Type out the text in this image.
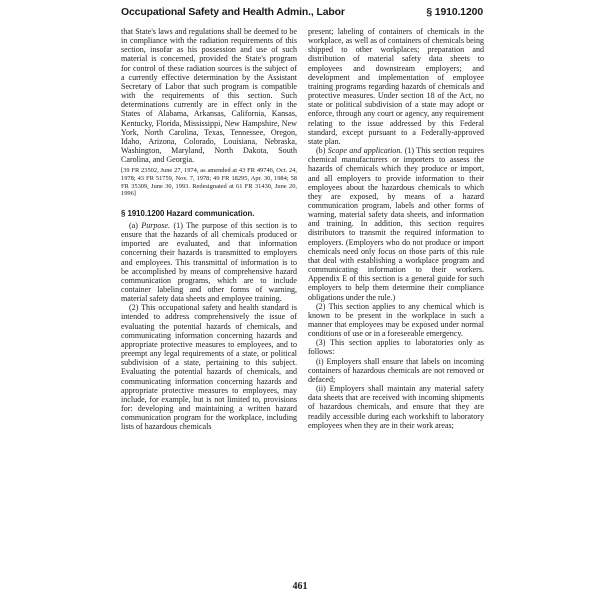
Occupational Safety and Health Admin., Labor	§ 1910.1200

that State's laws and regulations shall be deemed to be in compliance with the radiation requirements of this section, insofar as his possession and use of such material is concerned, provided the State's program for control of these radiation sources is the subject of a currently effective determination by the Assistant Secretary of Labor that such program is compatible with the requirements of this section. Such determinations currently are in effect only in the States of Alabama, Arkansas, California, Kansas, Kentucky, Florida, Mississippi, New Hampshire, New York, North Carolina, Texas, Tennessee, Oregon, Idaho, Arizona, Colorado, Louisiana, Nebraska, Washington, Maryland, North Dakota, South Carolina, and Georgia.

[39 FR 23502, June 27, 1974, as amended at 43 FR 49746, Oct. 24, 1978; 43 FR 51759, Nov. 7, 1978; 49 FR 18295, Apr. 30, 1984; 58 FR 35309, June 30, 1993. Redesignated at 61 FR 31430, June 20, 1996]

§ 1910.1200 Hazard communication.

(a) Purpose. (1) The purpose of this section is to ensure that the hazards of all chemicals produced or imported are evaluated, and that information concerning their hazards is transmitted to employers and employees. This transmittal of information is to be accomplished by means of comprehensive hazard communication programs, which are to include container labeling and other forms of warning, material safety data sheets and employee training.

(2) This occupational safety and health standard is intended to address comprehensively the issue of evaluating the potential hazards of chemicals, and communicating information concerning hazards and appropriate protective measures to employees, and to preempt any legal requirements of a state, or political subdivision of a state, pertaining to this subject. Evaluating the potential hazards of chemicals, and communicating information concerning hazards and appropriate protective measures to employees, may include, for example, but is not limited to, provisions for: developing and maintaining a written hazard communication program for the workplace, including lists of hazardous chemicals

present; labeling of containers of chemicals in the workplace, as well as of containers of chemicals being shipped to other workplaces; preparation and distribution of material safety data sheets to employees and downstream employers; and development and implementation of employee training programs regarding hazards of chemicals and protective measures. Under section 18 of the Act, no state or political subdivision of a state may adopt or enforce, through any court or agency, any requirement relating to the issue addressed by this Federal standard, except pursuant to a Federally-approved state plan.

(b) Scope and application. (1) This section requires chemical manufacturers or importers to assess the hazards of chemicals which they produce or import, and all employers to provide information to their employees about the hazardous chemicals to which they are exposed, by means of a hazard communication program, labels and other forms of warning, material safety data sheets, and information and training. In addition, this section requires distributors to transmit the required information to employers. (Employers who do not produce or import chemicals need only focus on those parts of this rule that deal with establishing a workplace program and communicating information to their workers. Appendix E of this section is a general guide for such employers to help them determine their compliance obligations under the rule.)

(2) This section applies to any chemical which is known to be present in the workplace in such a manner that employees may be exposed under normal conditions of use or in a foreseeable emergency.

(3) This section applies to laboratories only as follows:

(i) Employers shall ensure that labels on incoming containers of hazardous chemicals are not removed or defaced;

(ii) Employers shall maintain any material safety data sheets that are received with incoming shipments of hazardous chemicals, and ensure that they are readily accessible during each workshift to laboratory employees when they are in their work areas;

461
